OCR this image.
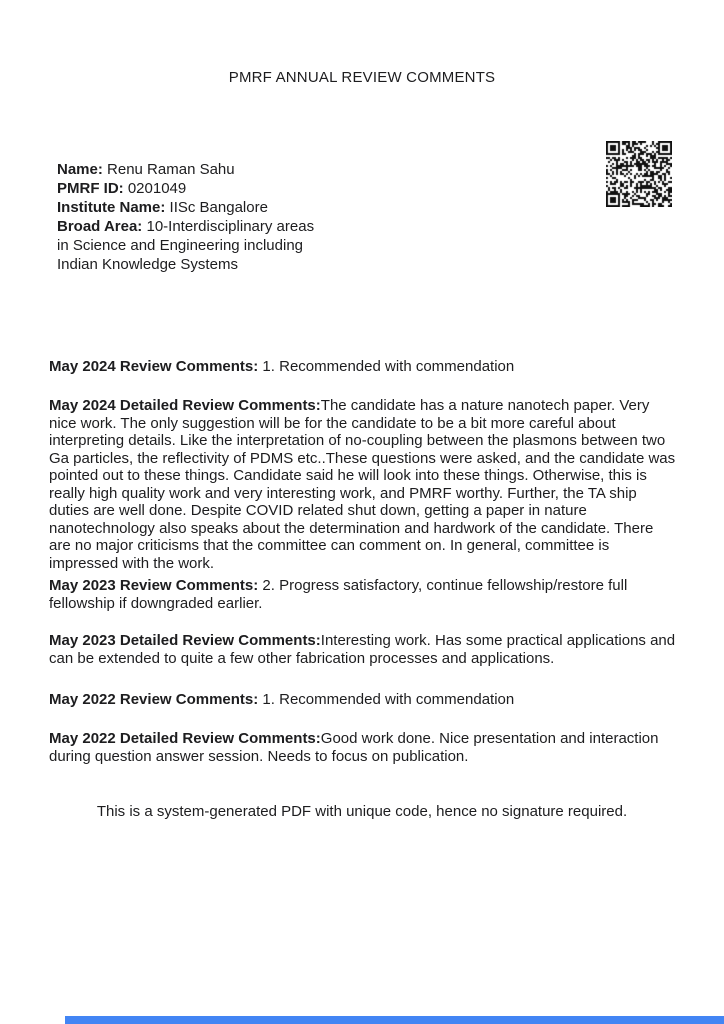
PMRF ANNUAL REVIEW COMMENTS
Name: Renu Raman Sahu
PMRF ID: 0201049
Institute Name: IISc Bangalore
Broad Area: 10-Interdisciplinary areas in Science and Engineering including Indian Knowledge Systems
May 2024 Review Comments: 1. Recommended with commendation
May 2024 Detailed Review Comments:The candidate has a nature nanotech paper. Very nice work. The only suggestion will be for the candidate to be a bit more careful about interpreting details. Like the interpretation of no-coupling between the plasmons between two Ga particles, the reflectivity of PDMS etc..These questions were asked, and the candidate was pointed out to these things. Candidate said he will look into these things. Otherwise, this is really high quality work and very interesting work, and PMRF worthy. Further, the TA ship duties are well done. Despite COVID related shut down, getting a paper in nature nanotechnology also speaks about the determination and hardwork of the candidate. There are no major criticisms that the committee can comment on. In general, committee is impressed with the work.
May 2023 Review Comments: 2. Progress satisfactory, continue fellowship/restore full fellowship if downgraded earlier.
May 2023 Detailed Review Comments:Interesting work. Has some practical applications and can be extended to quite a few other fabrication processes and applications.
May 2022 Review Comments: 1. Recommended with commendation
May 2022 Detailed Review Comments:Good work done. Nice presentation and interaction during question answer session. Needs to focus on publication.
This is a system-generated PDF with unique code, hence no signature required.
